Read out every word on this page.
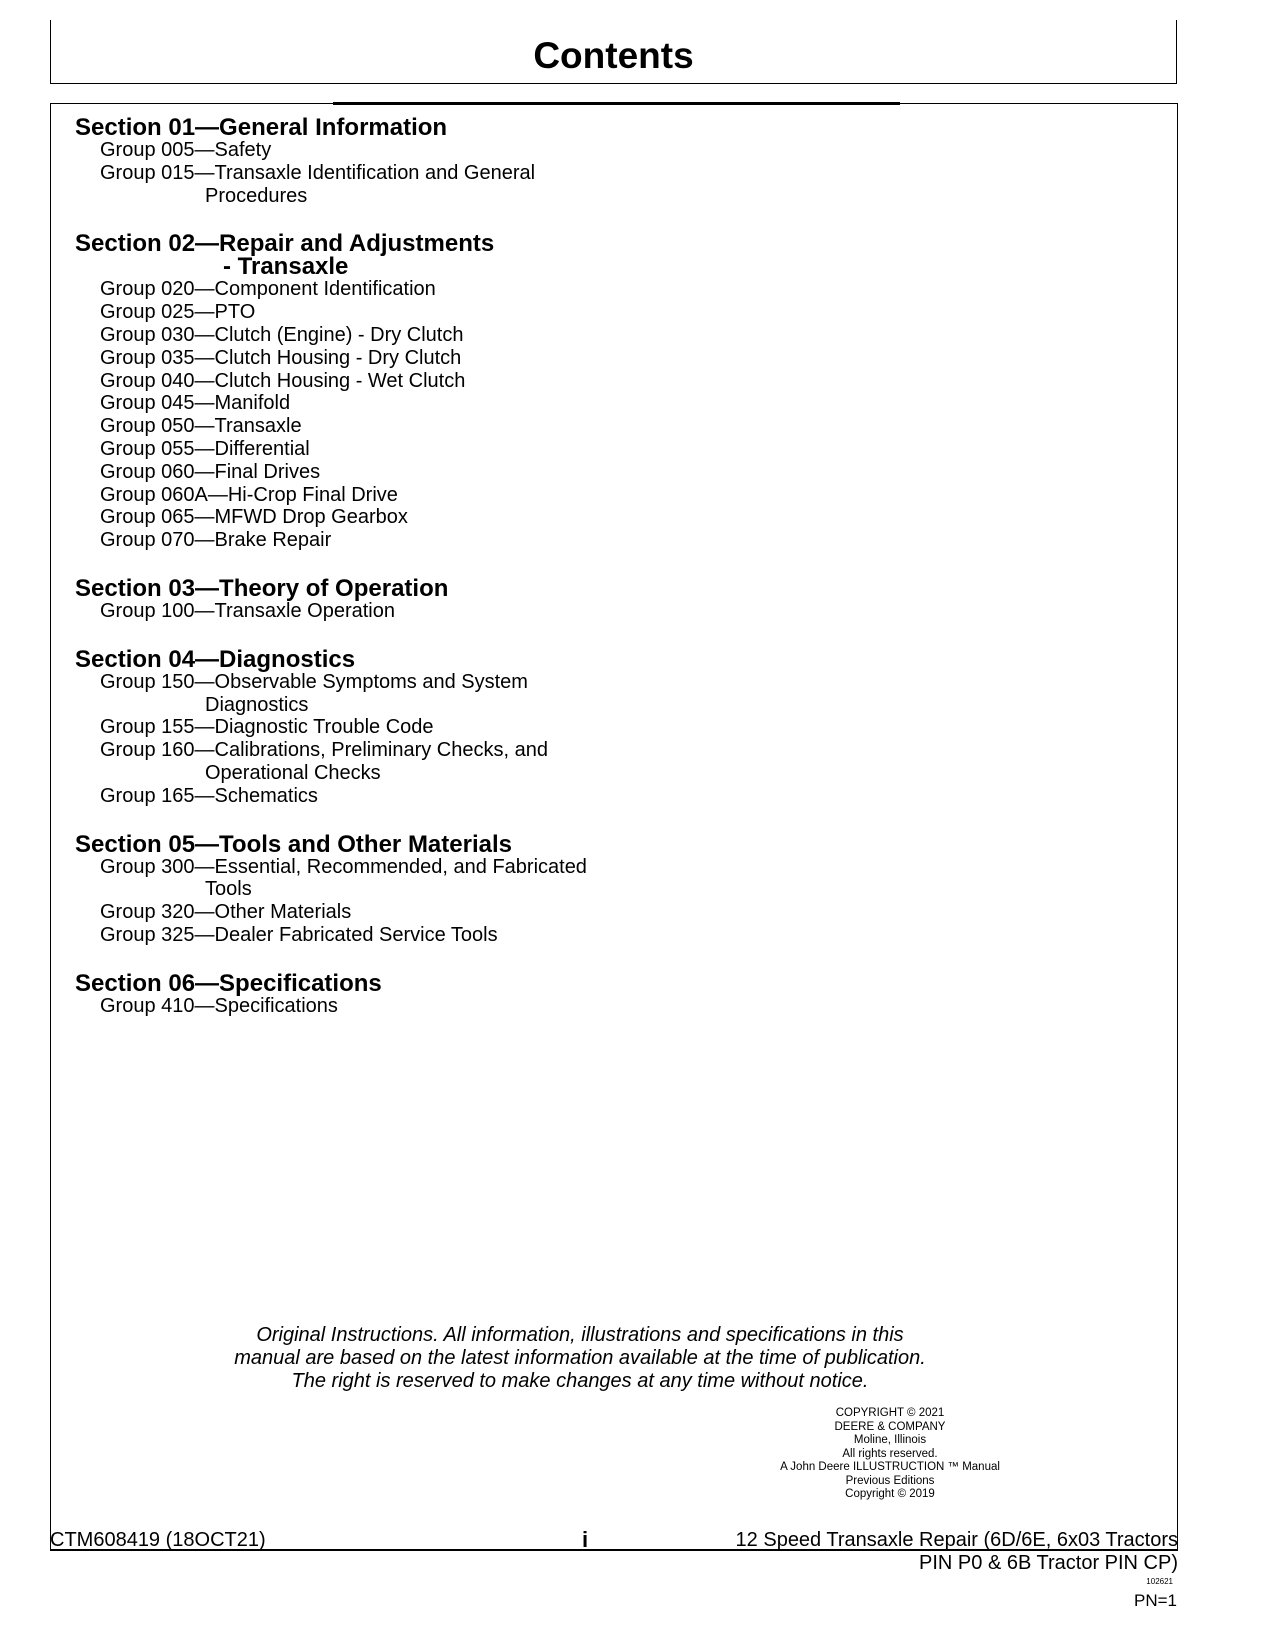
Contents
Section 01—General Information
Group 005—Safety
Group 015—Transaxle Identification and General
Procedures
Section 02—Repair and Adjustments
- Transaxle
Group 020—Component Identification
Group 025—PTO
Group 030—Clutch (Engine) - Dry Clutch
Group 035—Clutch Housing - Dry Clutch
Group 040—Clutch Housing - Wet Clutch
Group 045—Manifold
Group 050—Transaxle
Group 055—Differential
Group 060—Final Drives
Group 060A—Hi-Crop Final Drive
Group 065—MFWD Drop Gearbox
Group 070—Brake Repair
Section 03—Theory of Operation
Group 100—Transaxle Operation
Section 04—Diagnostics
Group 150—Observable Symptoms and System
Diagnostics
Group 155—Diagnostic Trouble Code
Group 160—Calibrations, Preliminary Checks, and
Operational Checks
Group 165—Schematics
Section 05—Tools and Other Materials
Group 300—Essential, Recommended, and Fabricated
Tools
Group 320—Other Materials
Group 325—Dealer Fabricated Service Tools
Section 06—Specifications
Group 410—Specifications
Original Instructions. All information, illustrations and specifications in this
manual are based on the latest information available at the time of publication.
The right is reserved to make changes at any time without notice.
COPYRIGHT © 2021
DEERE & COMPANY
Moline, Illinois
All rights reserved.
A John Deere ILLUSTRUCTION ™ Manual
Previous Editions
Copyright © 2019
CTM608419 (18OCT21)	i	12 Speed Transaxle Repair (6D/6E, 6x03 Tractors
PIN P0 & 6B Tractor PIN CP)
102621
PN=1
